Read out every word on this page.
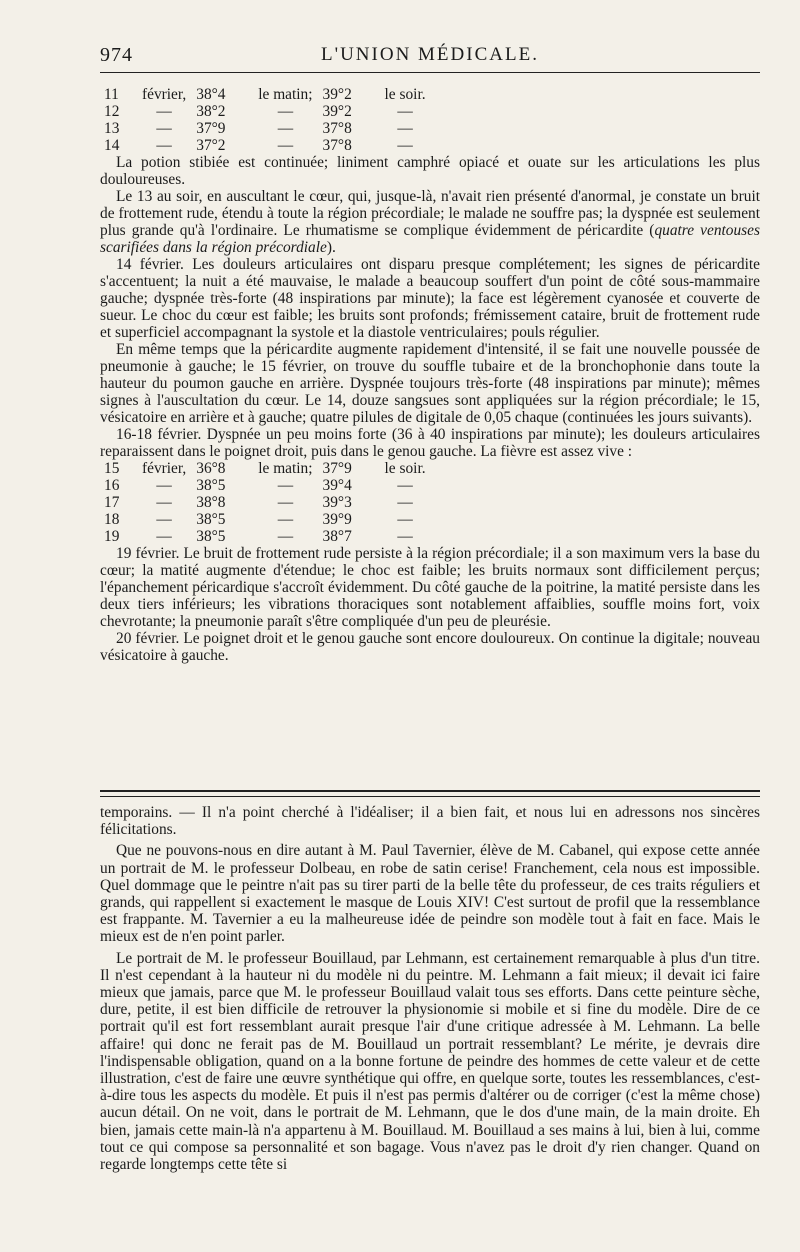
974	L'UNION MÉDICALE.
11	février,	38°4	le matin;	39°2	le soir.
12	—	38°2	—	39°2	—
13	—	37°9	—	37°8	—
14	—	37°2	—	37°8	—

La potion stibiée est continuée; liniment camphré opiacé et ouate sur les articulations les plus douloureuses.

Le 13 au soir, en auscultant le cœur, qui, jusque-là, n'avait rien présenté d'anormal, je constate un bruit de frottement rude, étendu à toute la région précordiale; le malade ne souffre pas; la dyspnée est seulement plus grande qu'à l'ordinaire. Le rhumatisme se complique évidemment de péricardite (quatre ventouses scarifiées dans la région précordiale).

14 février. Les douleurs articulaires ont disparu presque complétement; les signes de péricardite s'accentuent; la nuit a été mauvaise, le malade a beaucoup souffert d'un point de côté sous-mammaire gauche; dyspnée très-forte (48 inspirations par minute); la face est légèrement cyanosée et couverte de sueur. Le choc du cœur est faible; les bruits sont profonds; frémissement cataire, bruit de frottement rude et superficiel accompagnant la systole et la diastole ventriculaires; pouls régulier.

En même temps que la péricardite augmente rapidement d'intensité, il se fait une nouvelle poussée de pneumonie à gauche; le 15 février, on trouve du souffle tubaire et de la bronchophonie dans toute la hauteur du poumon gauche en arrière. Dyspnée toujours très-forte (48 inspirations par minute); mêmes signes à l'auscultation du cœur. Le 14, douze sangsues sont appliquées sur la région précordiale; le 15, vésicatoire en arrière et à gauche; quatre pilules de digitale de 0,05 chaque (continuées les jours suivants).

16-18 février. Dyspnée un peu moins forte (36 à 40 inspirations par minute); les douleurs articulaires reparaissent dans le poignet droit, puis dans le genou gauche. La fièvre est assez vive :

15	février,	36°8	le matin;	37°9	le soir.
16	—	38°5	—	39°4	—
17	—	38°8	—	39°3	—
18	—	38°5	—	39°9	—
19	—	38°5	—	38°7	—

19 février. Le bruit de frottement rude persiste à la région précordiale; il a son maximum vers la base du cœur; la matité augmente d'étendue; le choc est faible; les bruits normaux sont difficilement perçus; l'épanchement péricardique s'accroît évidemment. Du côté gauche de la poitrine, la matité persiste dans les deux tiers inférieurs; les vibrations thoraciques sont notablement affaiblies, souffle moins fort, voix chevrotante; la pneumonie paraît s'être compliquée d'un peu de pleurésie.

20 février. Le poignet droit et le genou gauche sont encore douloureux. On continue la digitale; nouveau vésicatoire à gauche.

temporains. — Il n'a point cherché à l'idéaliser; il a bien fait, et nous lui en adressons nos sincères félicitations.

Que ne pouvons-nous en dire autant à M. Paul Tavernier, élève de M. Cabanel, qui expose cette année un portrait de M. le professeur Dolbeau, en robe de satin cerise! Franchement, cela nous est impossible. Quel dommage que le peintre n'ait pas su tirer parti de la belle tête du professeur, de ces traits réguliers et grands, qui rappellent si exactement le masque de Louis XIV! C'est surtout de profil que la ressemblance est frappante. M. Tavernier a eu la malheureuse idée de peindre son modèle tout à fait en face. Mais le mieux est de n'en point parler.

Le portrait de M. le professeur Bouillaud, par Lehmann, est certainement remarquable à plus d'un titre. Il n'est cependant à la hauteur ni du modèle ni du peintre. M. Lehmann a fait mieux; il devait ici faire mieux que jamais, parce que M. le professeur Bouillaud valait tous ses efforts. Dans cette peinture sèche, dure, petite, il est bien difficile de retrouver la physionomie si mobile et si fine du modèle. Dire de ce portrait qu'il est fort ressemblant aurait presque l'air d'une critique adressée à M. Lehmann. La belle affaire! qui donc ne ferait pas de M. Bouillaud un portrait ressemblant? Le mérite, je devrais dire l'indispensable obligation, quand on a la bonne fortune de peindre des hommes de cette valeur et de cette illustration, c'est de faire une œuvre synthétique qui offre, en quelque sorte, toutes les ressemblances, c'est-à-dire tous les aspects du modèle. Et puis il n'est pas permis d'altérer ou de corriger (c'est la même chose) aucun détail. On ne voit, dans le portrait de M. Lehmann, que le dos d'une main, de la main droite. Eh bien, jamais cette main-là n'a appartenu à M. Bouillaud. M. Bouillaud a ses mains à lui, bien à lui, comme tout ce qui compose sa personnalité et son bagage. Vous n'avez pas le droit d'y rien changer. Quand on regarde longtemps cette tête si
